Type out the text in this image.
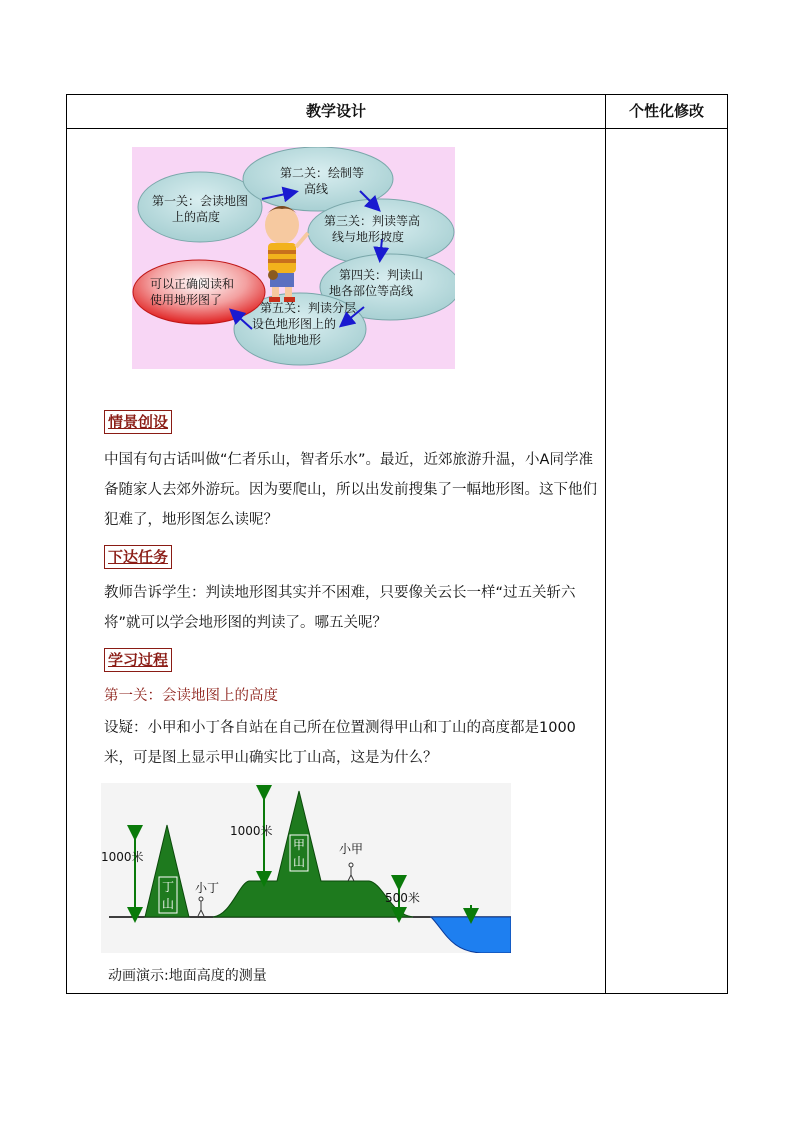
教学设计	个性化修改
第一关：会读地图 上的高度 第二关：绘制等 高线 第三关：判读等高 线与地形坡度 第四关：判读山 地各部位等高线 第五关：判读分层 设色地形图上的 陆地地形 可以正确阅读和 使用地形图了
情景创设

中国有句古话叫做“仁者乐山，智者乐水”。最近，近郊旅游升温，小A同学准备随家人去郊外游玩。因为要爬山，所以出发前搜集了一幅地形图。这下他们犯难了，地形图怎么读呢？

下达任务

教师告诉学生：判读地形图其实并不困难，只要像关云长一样“过五关斩六将”就可以学会地形图的判读了。哪五关呢？

学习过程
第一关：会读地图上的高度

设疑：小甲和小丁各自站在自己所在位置测得甲山和丁山的高度都是1000米，可是图上显示甲山确实比丁山高，这是为什么？

1000米
1000米
500米
小丁
小甲
丁
山
甲
山
动画演示:地面高度的测量
